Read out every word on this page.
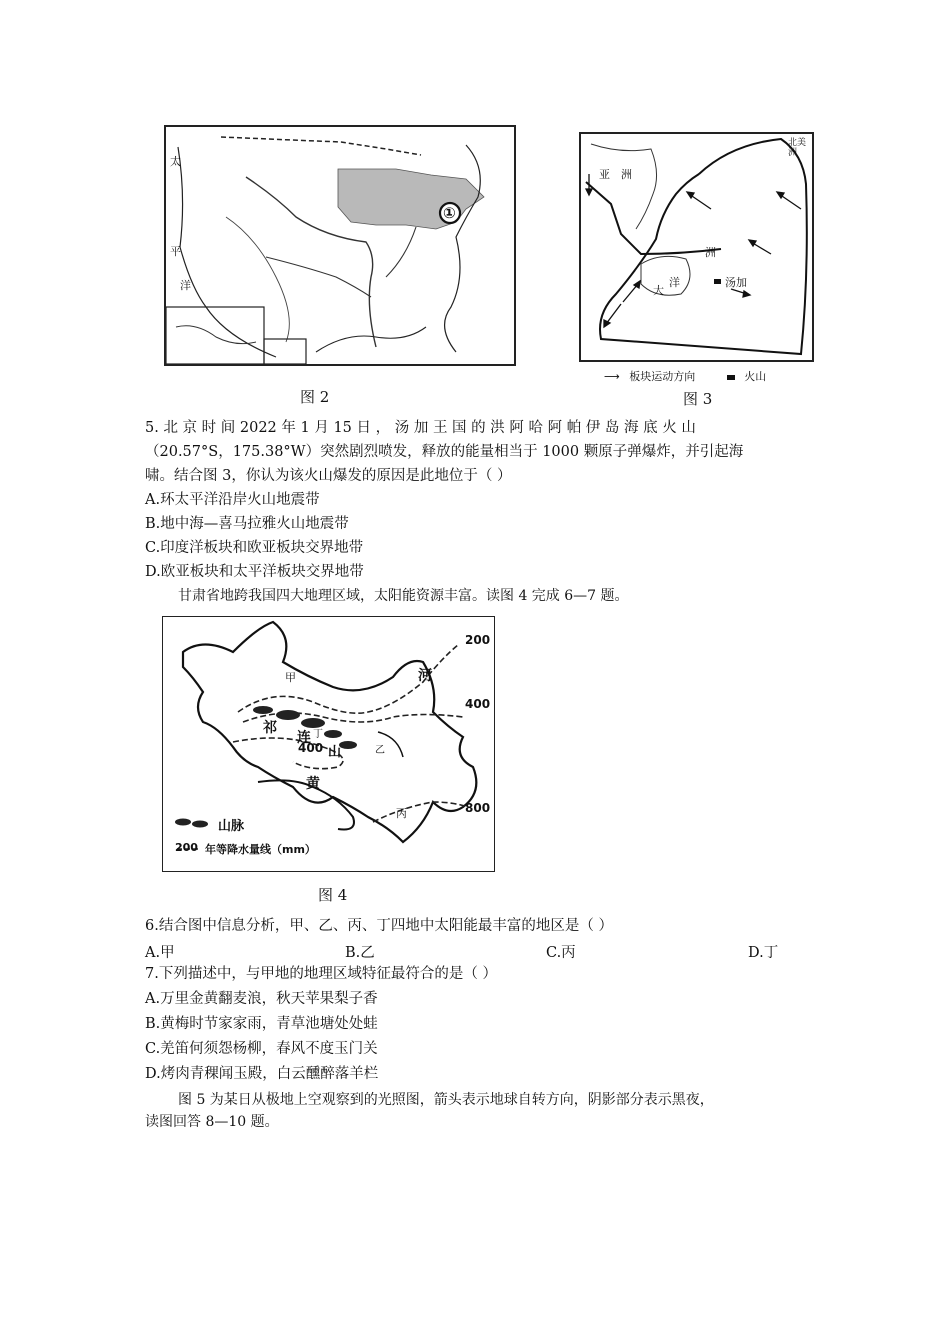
①
太
平
洋
图 2
亚 洲
北美洲
洲
洋	汤加
大
⟶ 板块运动方向	火山
图 3
5. 北 京 时 间 2022 年 1 月 15 日 ， 汤 加 王 国 的 洪 阿 哈 阿 帕 伊 岛 海 底 火 山
（20.57°S，175.38°W）突然剧烈喷发，释放的能量相当于 1000 颗原子弹爆炸，并引起海
啸。结合图 3，你认为该火山爆发的原因是此地位于（ ）
A.环太平洋沿岸火山地震带
B.地中海—喜马拉雅火山地震带
C.印度洋板块和欧亚板块交界地带
D.欧亚板块和太平洋板块交界地带
甘肃省地跨我国四大地理区域，太阳能资源丰富。读图 4 完成 6—7 题。
甲
祁
连 丁
400 山	乙
黄
丙
河
200
400
800
山脉
200 年等降水量线（mm）
图 4
6.结合图中信息分析，甲、乙、丙、丁四地中太阳能最丰富的地区是（ ）
A.甲	B.乙	C.丙	D.丁
7.下列描述中，与甲地的地理区域特征最符合的是（ ）
A.万里金黄翻麦浪，秋天苹果梨子香
B.黄梅时节家家雨，青草池塘处处蛙
C.羌笛何须怨杨柳，春风不度玉门关
D.烤肉青稞闻玉殿，白云醺醉落羊栏
图 5 为某日从极地上空观察到的光照图，箭头表示地球自转方向，阴影部分表示黑夜，
读图回答 8—10 题。
